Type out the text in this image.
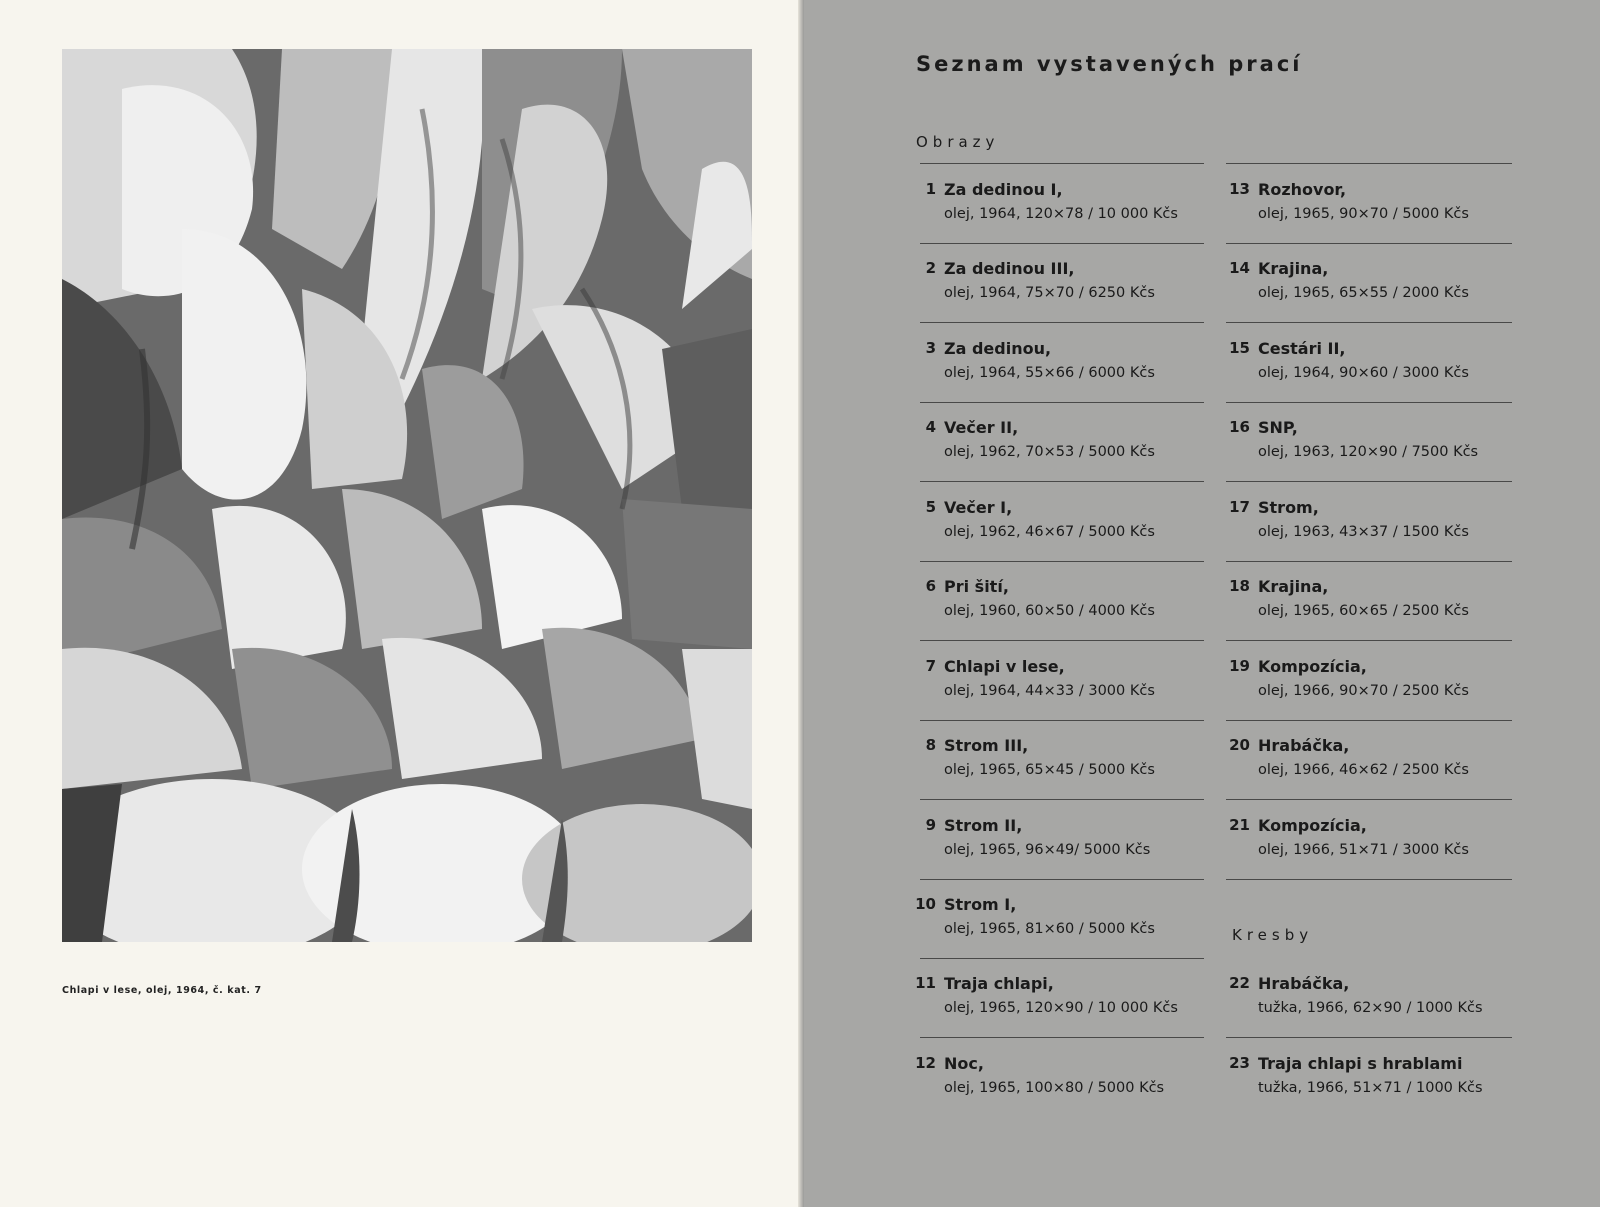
Chlapi v lese, olej, 1964, č. kat. 7
Seznam vystavených prací
Obrazy
Kresby
1 Za dedinou I,
olej, 1964, 120×78 / 10 000 Kčs
2 Za dedinou III,
olej, 1964, 75×70 / 6250 Kčs
3 Za dedinou,
olej, 1964, 55×66 / 6000 Kčs
4 Večer II,
olej, 1962, 70×53 / 5000 Kčs
5 Večer I,
olej, 1962, 46×67 / 5000 Kčs
6 Pri šití,
olej, 1960, 60×50 / 4000 Kčs
7 Chlapi v lese,
olej, 1964, 44×33 / 3000 Kčs
8 Strom III,
olej, 1965, 65×45 / 5000 Kčs
9 Strom II,
olej, 1965, 96×49/ 5000 Kčs
10 Strom I,
olej, 1965, 81×60 / 5000 Kčs
11 Traja chlapi,
olej, 1965, 120×90 / 10 000 Kčs
12 Noc,
olej, 1965, 100×80 / 5000 Kčs
13 Rozhovor,
olej, 1965, 90×70 / 5000 Kčs
14 Krajina,
olej, 1965, 65×55 / 2000 Kčs
15 Cestári II,
olej, 1964, 90×60 / 3000 Kčs
16 SNP,
olej, 1963, 120×90 / 7500 Kčs
17 Strom,
olej, 1963, 43×37 / 1500 Kčs
18 Krajina,
olej, 1965, 60×65 / 2500 Kčs
19 Kompozícia,
olej, 1966, 90×70 / 2500 Kčs
20 Hrabáčka,
olej, 1966, 46×62 / 2500 Kčs
21 Kompozícia,
olej, 1966, 51×71 / 3000 Kčs
22 Hrabáčka,
tužka, 1966, 62×90 / 1000 Kčs
23 Traja chlapi s hrablami
tužka, 1966, 51×71 / 1000 Kčs
